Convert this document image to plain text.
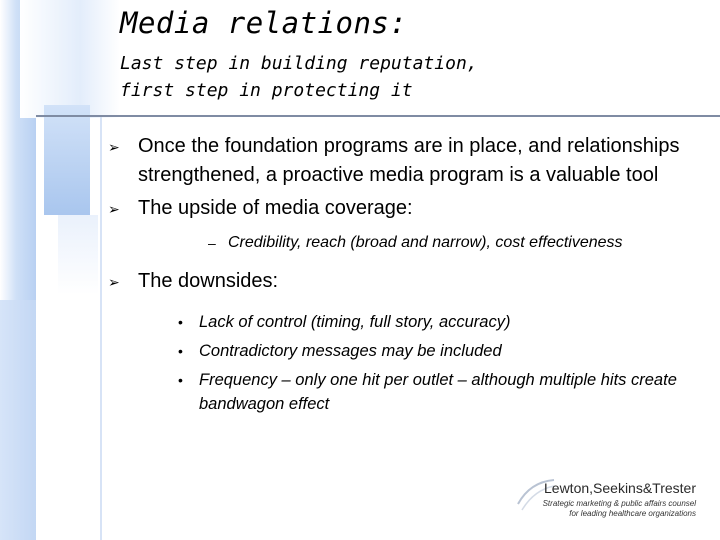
Media relations:
Last step in building reputation,
first step in protecting it
➢ Once the foundation programs are in place, and relationships strengthened, a proactive media program is a valuable tool
➢ The upside of media coverage:
– Credibility, reach (broad and narrow), cost effectiveness
➢ The downsides:
• Lack of control (timing, full story, accuracy)
• Contradictory messages may be included
• Frequency – only one hit per outlet – although multiple hits create bandwagon effect
Lewton,Seekins&Trester
Strategic marketing & public affairs counsel
for leading healthcare organizations
